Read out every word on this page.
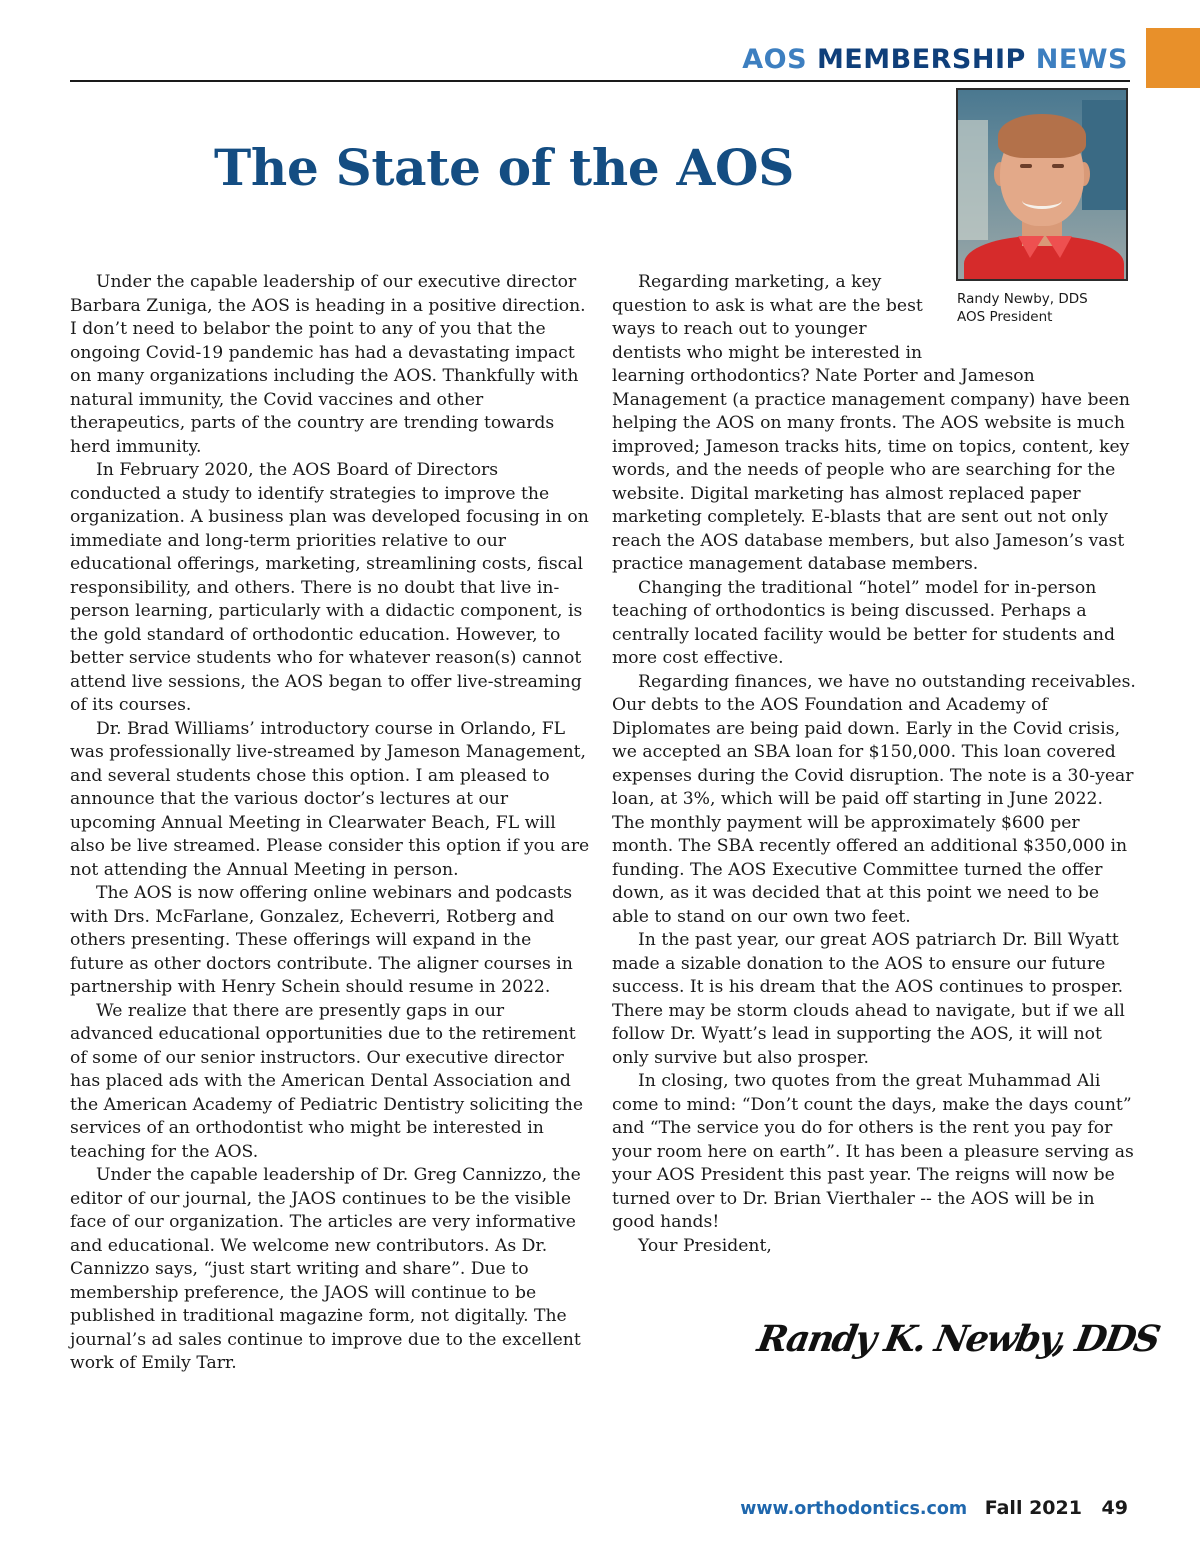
AOS MEMBERSHIP NEWS
The State of the AOS
Randy Newby, DDS
AOS President

Under the capable leadership of our executive director Barbara Zuniga, the AOS is heading in a positive direction. I don’t need to belabor the point to any of you that the ongoing Covid-19 pandemic has had a devastating impact on many organizations including the AOS. Thankfully with natural immunity, the Covid vaccines and other therapeutics, parts of the country are trending towards herd immunity.

In February 2020, the AOS Board of Directors conducted a study to identify strategies to improve the organization. A business plan was developed focusing in on immediate and long-term priorities relative to our educational offerings, marketing, streamlining costs, fiscal responsibility, and others. There is no doubt that live in-person learning, particularly with a didactic component, is the gold standard of orthodontic education. However, to better service students who for whatever reason(s) cannot attend live sessions, the AOS began to offer live-streaming of its courses.

Dr. Brad Williams’ introductory course in Orlando, FL was professionally live-streamed by Jameson Management, and several students chose this option. I am pleased to announce that the various doctor’s lectures at our upcoming Annual Meeting in Clearwater Beach, FL will also be live streamed. Please consider this option if you are not attending the Annual Meeting in person.

The AOS is now offering online webinars and podcasts with Drs. McFarlane, Gonzalez, Echeverri, Rotberg and others presenting. These offerings will expand in the future as other doctors contribute. The aligner courses in partnership with Henry Schein should resume in 2022.

We realize that there are presently gaps in our advanced educational opportunities due to the retirement of some of our senior instructors. Our executive director has placed ads with the American Dental Association and the American Academy of Pediatric Dentistry soliciting the services of an orthodontist who might be interested in teaching for the AOS.

Under the capable leadership of Dr. Greg Cannizzo, the editor of our journal, the JAOS continues to be the visible face of our organization. The articles are very informative and educational. We welcome new contributors. As Dr. Cannizzo says, “just start writing and share”. Due to membership preference, the JAOS will continue to be published in traditional magazine form, not digitally. The journal’s ad sales continue to improve due to the excellent work of Emily Tarr.

Regarding marketing, a key question to ask is what are the best ways to reach out to younger dentists who might be interested in learning orthodontics? Nate Porter and Jameson Management (a practice management company) have been helping the AOS on many fronts. The AOS website is much improved; Jameson tracks hits, time on topics, content, key words, and the needs of people who are searching for the website. Digital marketing has almost replaced paper marketing completely. E-blasts that are sent out not only reach the AOS database members, but also Jameson’s vast practice management database members.

Changing the traditional “hotel” model for in-person teaching of orthodontics is being discussed. Perhaps a centrally located facility would be better for students and more cost effective.

Regarding finances, we have no outstanding receivables. Our debts to the AOS Foundation and Academy of Diplomates are being paid down. Early in the Covid crisis, we accepted an SBA loan for $150,000. This loan covered expenses during the Covid disruption. The note is a 30-year loan, at 3%, which will be paid off starting in June 2022. The monthly payment will be approximately $600 per month. The SBA recently offered an additional $350,000 in funding. The AOS Executive Committee turned the offer down, as it was decided that at this point we need to be able to stand on our own two feet.

In the past year, our great AOS patriarch Dr. Bill Wyatt made a sizable donation to the AOS to ensure our future success. It is his dream that the AOS continues to prosper. There may be storm clouds ahead to navigate, but if we all follow Dr. Wyatt’s lead in supporting the AOS, it will not only survive but also prosper.

In closing, two quotes from the great Muhammad Ali come to mind: “Don’t count the days, make the days count” and “The service you do for others is the rent you pay for your room here on earth”. It has been a pleasure serving as your AOS President this past year. The reigns will now be turned over to Dr. Brian Vierthaler -- the AOS will be in good hands!

Your President,

Randy K. Newby, DDS
www.orthodontics.com Fall 2021 49
